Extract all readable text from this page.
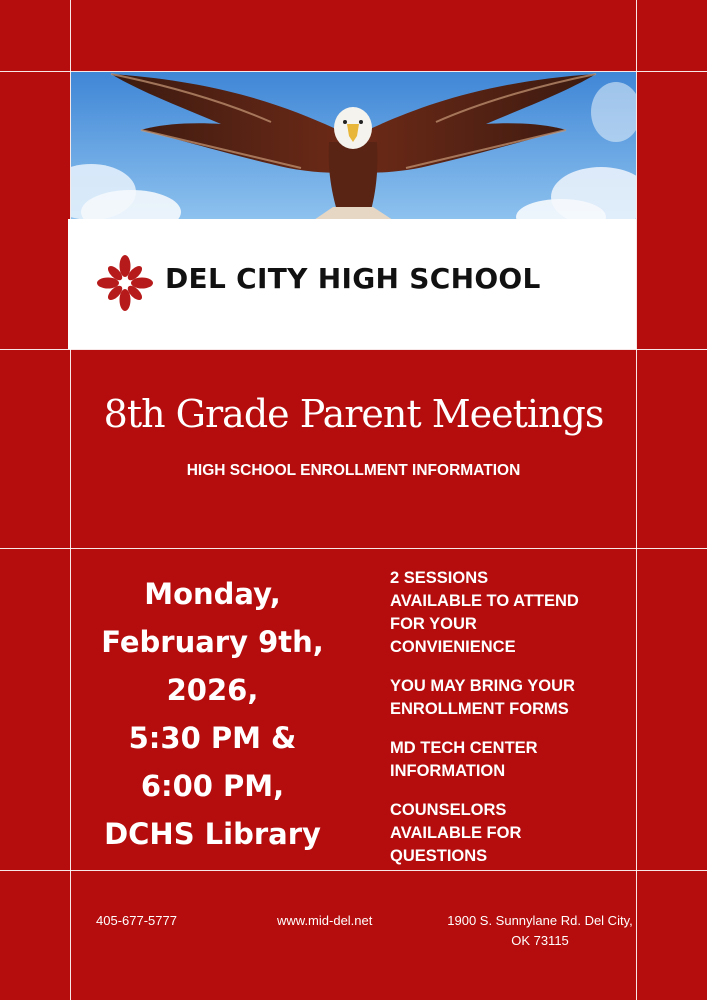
DEL CITY HIGH SCHOOL
8th Grade Parent Meetings
HIGH SCHOOL ENROLLMENT INFORMATION
Monday,
February 9th,
2026,
5:30 PM &
6:00 PM,
DCHS Library
2 SESSIONS
AVAILABLE TO ATTEND
FOR YOUR
CONVIENIENCE
YOU MAY BRING YOUR
ENROLLMENT FORMS
MD TECH CENTER
INFORMATION
COUNSELORS
AVAILABLE FOR
QUESTIONS
405-677-5777	www.mid-del.net	1900 S. Sunnylane Rd. Del City,
OK 73115
